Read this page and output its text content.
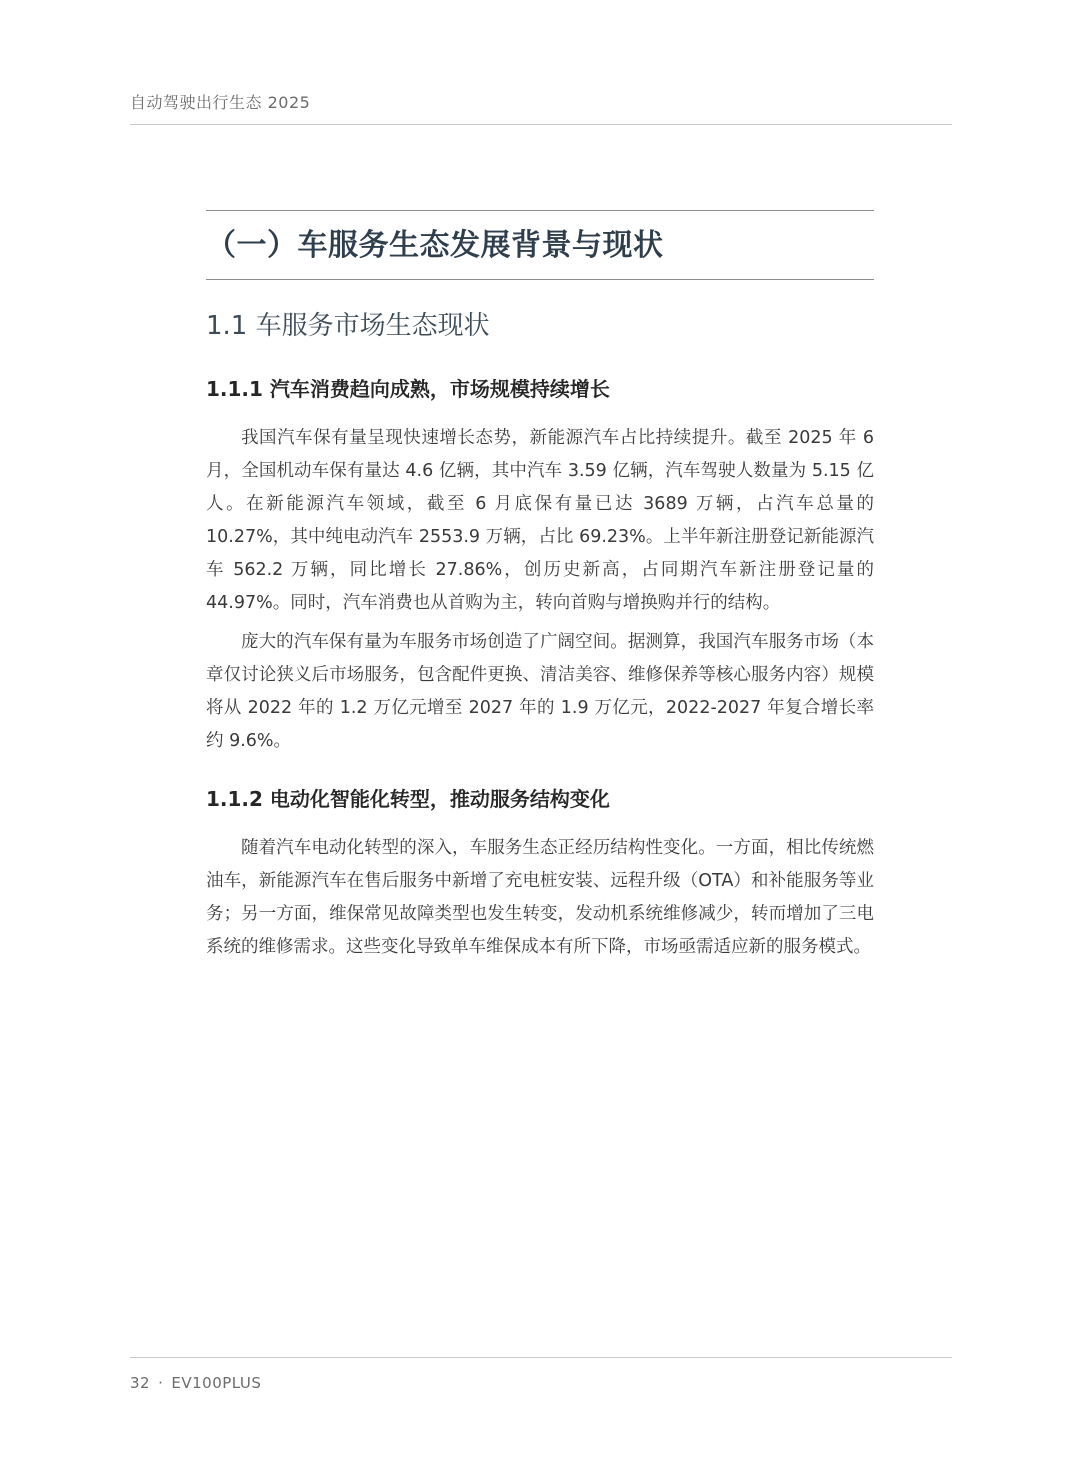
自动驾驶出行生态 2025
（一）车服务生态发展背景与现状
1.1 车服务市场生态现状
1.1.1 汽车消费趋向成熟，市场规模持续增长

我国汽车保有量呈现快速增长态势，新能源汽车占比持续提升。截至 2025 年 6 月，全国机动车保有量达 4.6 亿辆，其中汽车 3.59 亿辆，汽车驾驶人数量为 5.15 亿人。在新能源汽车领域，截至 6 月底保有量已达 3689 万辆，占汽车总量的 10.27%，其中纯电动汽车 2553.9 万辆，占比 69.23%。上半年新注册登记新能源汽车 562.2 万辆，同比增长 27.86%，创历史新高，占同期汽车新注册登记量的 44.97%。同时，汽车消费也从首购为主，转向首购与增换购并行的结构。

庞大的汽车保有量为车服务市场创造了广阔空间。据测算，我国汽车服务市场（本章仅讨论狭义后市场服务，包含配件更换、清洁美容、维修保养等核心服务内容）规模将从 2022 年的 1.2 万亿元增至 2027 年的 1.9 万亿元，2022-2027 年复合增长率约 9.6%。

1.1.2 电动化智能化转型，推动服务结构变化

随着汽车电动化转型的深入，车服务生态正经历结构性变化。一方面，相比传统燃油车，新能源汽车在售后服务中新增了充电桩安装、远程升级（OTA）和补能服务等业务；另一方面，维保常见故障类型也发生转变，发动机系统维修减少，转而增加了三电系统的维修需求。这些变化导致单车维保成本有所下降，市场亟需适应新的服务模式。

32 · EV100PLUS
